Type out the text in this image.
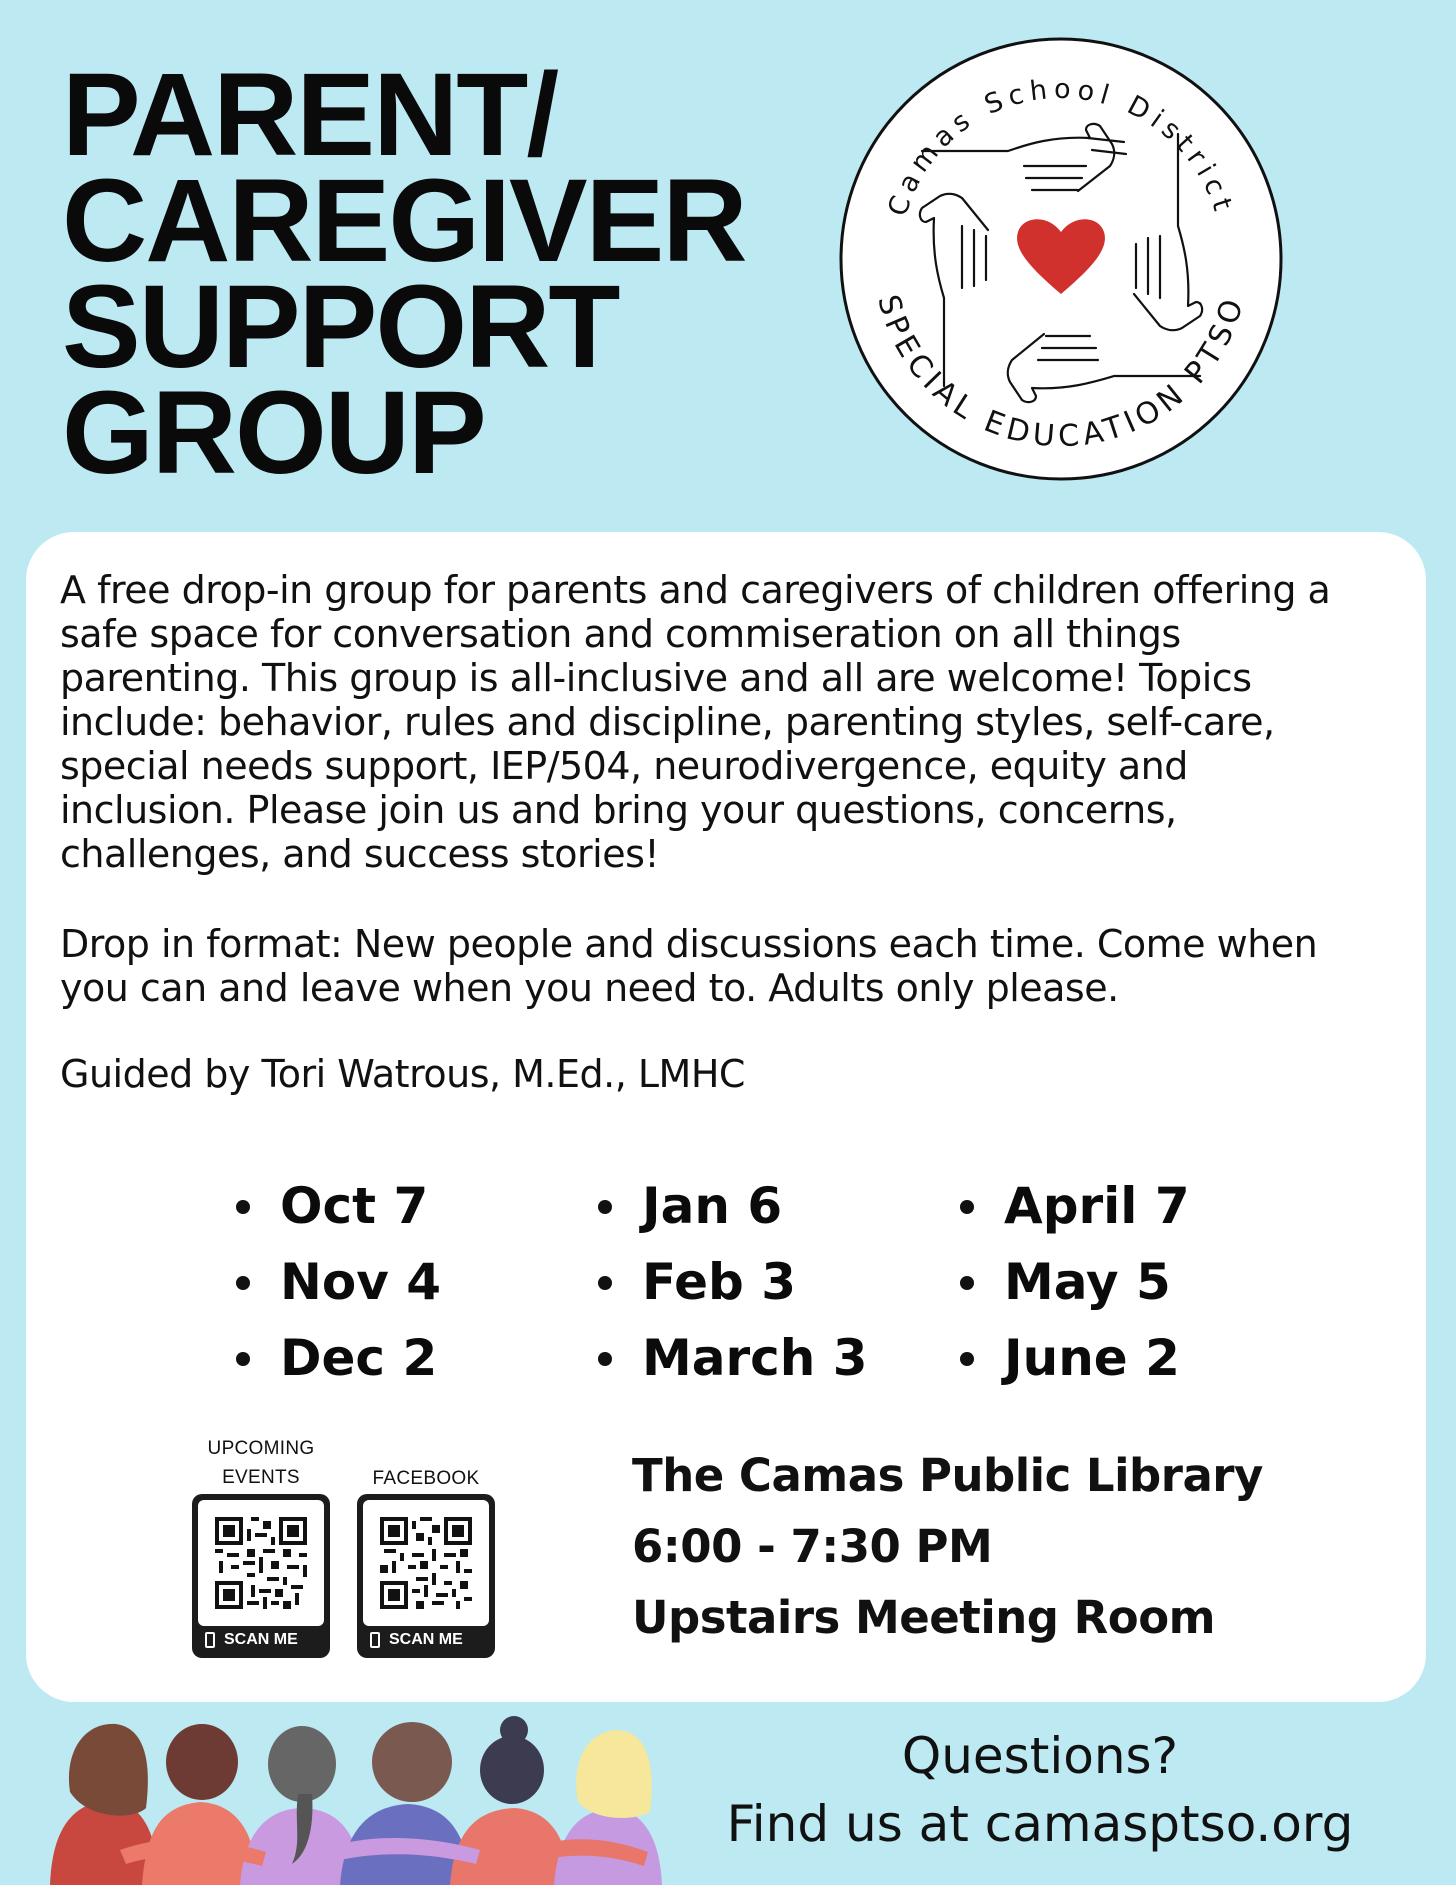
PARENT/
CAREGIVER
SUPPORT
GROUP
Camas School District
SPECIAL EDUCATION PTSO

A free drop-in group for parents and caregivers of children offering a safe space for conversation and commiseration on all things parenting. This group is all-inclusive and all are welcome! Topics include: behavior, rules and discipline, parenting styles, self-care, special needs support, IEP/504, neurodivergence, equity and inclusion. Please join us and bring your questions, concerns, challenges, and success stories!

Drop in format: New people and discussions each time. Come when you can and leave when you need to. Adults only please.

Guided by Tori Watrous, M.Ed., LMHC

Oct 7
Nov 4
Dec 2
Jan 6
Feb 3
March 3
April 7
May 5
June 2
UPCOMING
EVENTS
SCAN ME
FACEBOOK
SCAN ME
The Camas Public Library
6:00 - 7:30 PM
Upstairs Meeting Room
Questions?
Find us at camasptso.org
